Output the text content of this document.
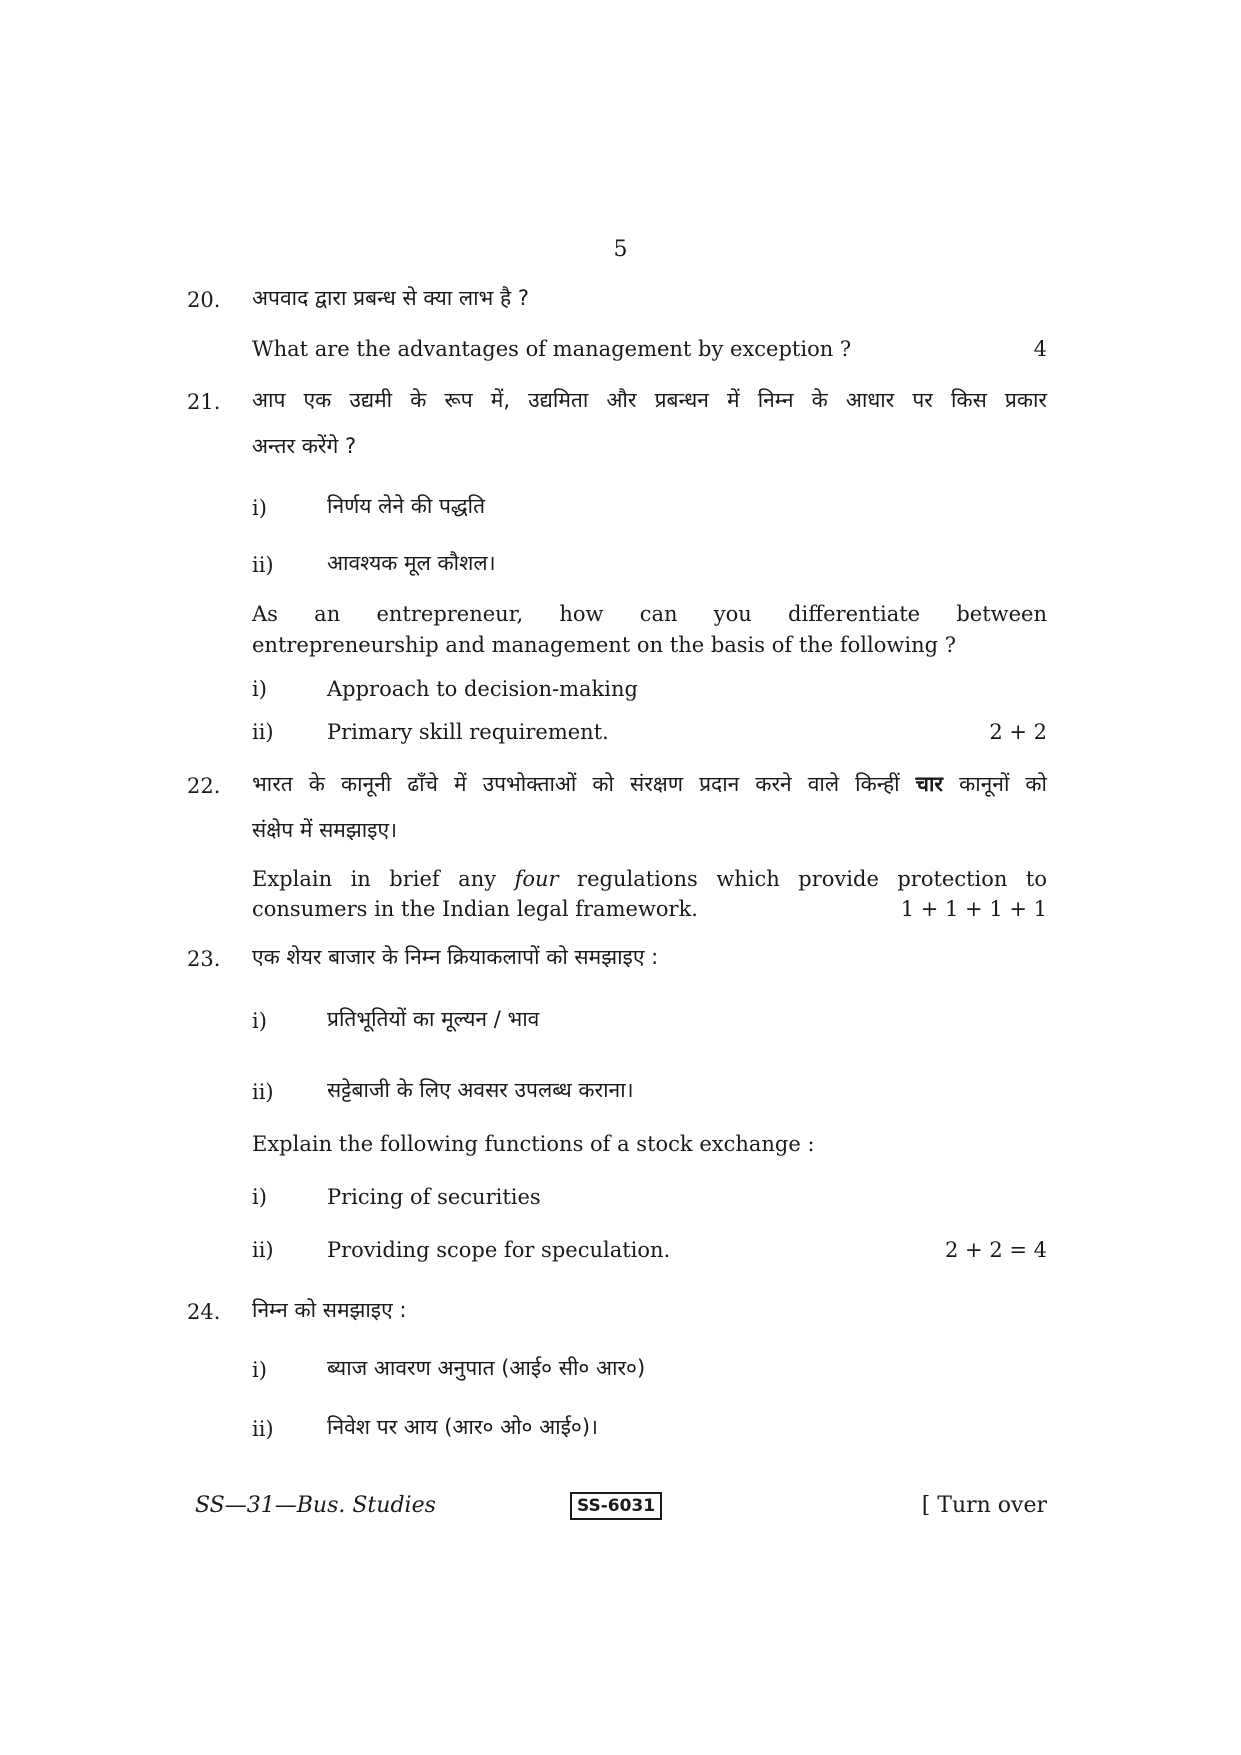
5
20. अपवाद द्वारा प्रबन्ध से क्या लाभ है ?
What are the advantages of management by exception ?	4
21. आप एक उद्यमी के रूप में, उद्यमिता और प्रबन्धन में निम्न के आधार पर किस प्रकार
अन्तर करेंगे ?
i)	निर्णय लेने की पद्धति
ii)	आवश्यक मूल कौशल।
As an entrepreneur, how can you differentiate between
entrepreneurship and management on the basis of the following ?
i)	Approach to decision-making
ii)	Primary skill requirement.	2 + 2
22. भारत के कानूनी ढाँचे में उपभोक्ताओं को संरक्षण प्रदान करने वाले किन्हीं चार कानूनों को
संक्षेप में समझाइए।
Explain in brief any four regulations which provide protection to
consumers in the Indian legal framework.	1 + 1 + 1 + 1
23. एक शेयर बाजार के निम्न क्रियाकलापों को समझाइए :
i)	प्रतिभूतियों का मूल्यन / भाव
ii)	सट्टेबाजी के लिए अवसर उपलब्ध कराना।
Explain the following functions of a stock exchange :
i)	Pricing of securities
ii)	Providing scope for speculation.	2 + 2 = 4
24. निम्न को समझाइए :
i)	ब्याज आवरण अनुपात (आई० सी० आर०)
ii)	निवेश पर आय (आर० ओ० आई०)।
SS—31—Bus. Studies	SS-6031	[ Turn over
